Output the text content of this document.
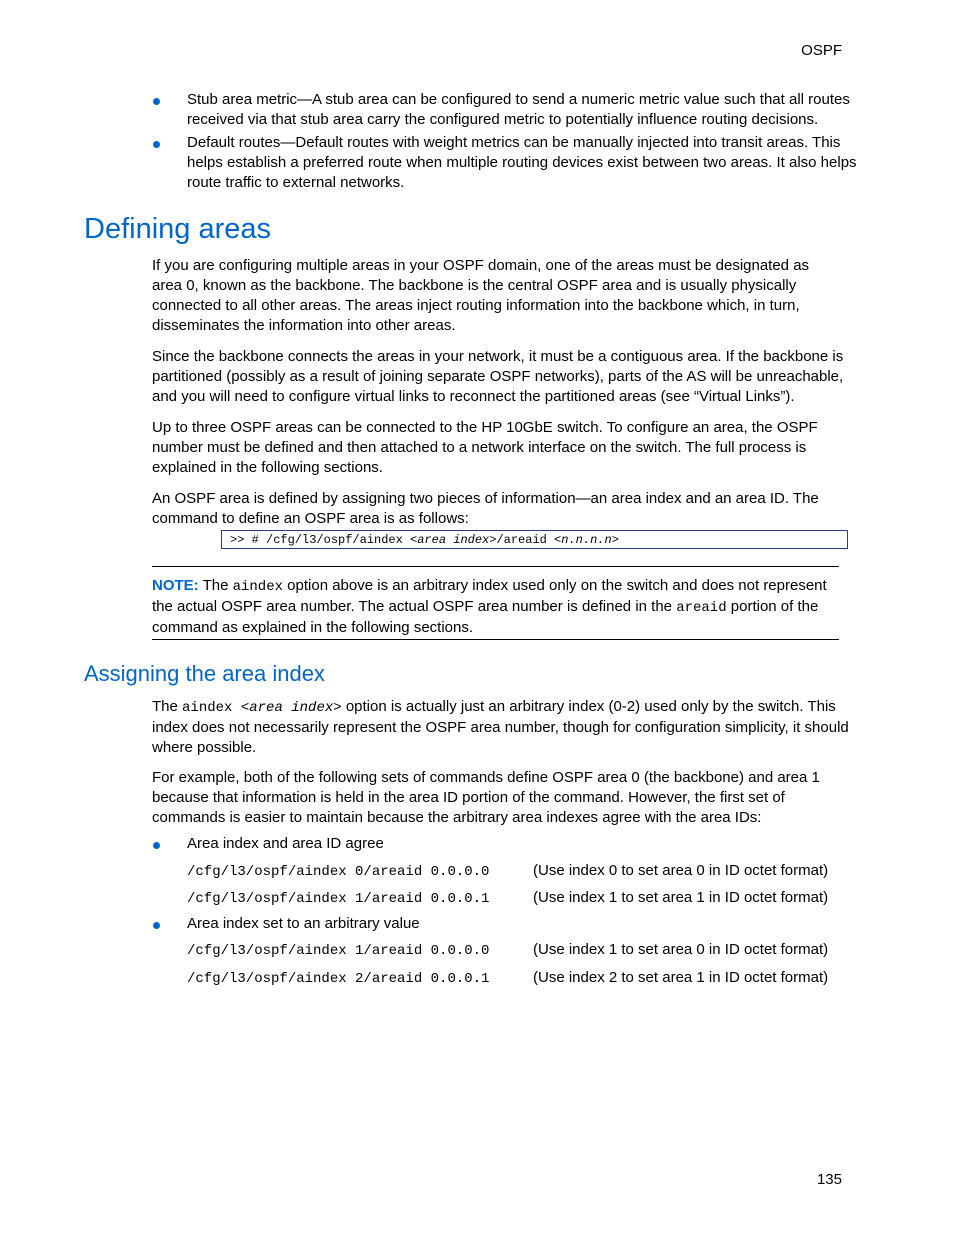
OSPF
Stub area metric—A stub area can be configured to send a numeric metric value such that all routes received via that stub area carry the configured metric to potentially influence routing decisions.
Default routes—Default routes with weight metrics can be manually injected into transit areas. This helps establish a preferred route when multiple routing devices exist between two areas. It also helps route traffic to external networks.
Defining areas
If you are configuring multiple areas in your OSPF domain, one of the areas must be designated as area 0, known as the backbone. The backbone is the central OSPF area and is usually physically connected to all other areas. The areas inject routing information into the backbone which, in turn, disseminates the information into other areas.
Since the backbone connects the areas in your network, it must be a contiguous area. If the backbone is partitioned (possibly as a result of joining separate OSPF networks), parts of the AS will be unreachable, and you will need to configure virtual links to reconnect the partitioned areas (see “Virtual Links”).
Up to three OSPF areas can be connected to the HP 10GbE switch. To configure an area, the OSPF number must be defined and then attached to a network interface on the switch. The full process is explained in the following sections.
An OSPF area is defined by assigning two pieces of information—an area index and an area ID. The command to define an OSPF area is as follows:
>> # /cfg/l3/ospf/aindex <area index>/areaid <n.n.n.n>
NOTE: The aindex option above is an arbitrary index used only on the switch and does not represent the actual OSPF area number. The actual OSPF area number is defined in the areaid portion of the command as explained in the following sections.
Assigning the area index
The aindex <area index> option is actually just an arbitrary index (0-2) used only by the switch. This index does not necessarily represent the OSPF area number, though for configuration simplicity, it should where possible.
For example, both of the following sets of commands define OSPF area 0 (the backbone) and area 1 because that information is held in the area ID portion of the command. However, the first set of commands is easier to maintain because the arbitrary area indexes agree with the area IDs:
Area index and area ID agree
/cfg/l3/ospf/aindex 0/areaid 0.0.0.0	(Use index 0 to set area 0 in ID octet format)
/cfg/l3/ospf/aindex 1/areaid 0.0.0.1	(Use index 1 to set area 1 in ID octet format)
Area index set to an arbitrary value
/cfg/l3/ospf/aindex 1/areaid 0.0.0.0	(Use index 1 to set area 0 in ID octet format)
/cfg/l3/ospf/aindex 2/areaid 0.0.0.1	(Use index 2 to set area 1 in ID octet format)
135
